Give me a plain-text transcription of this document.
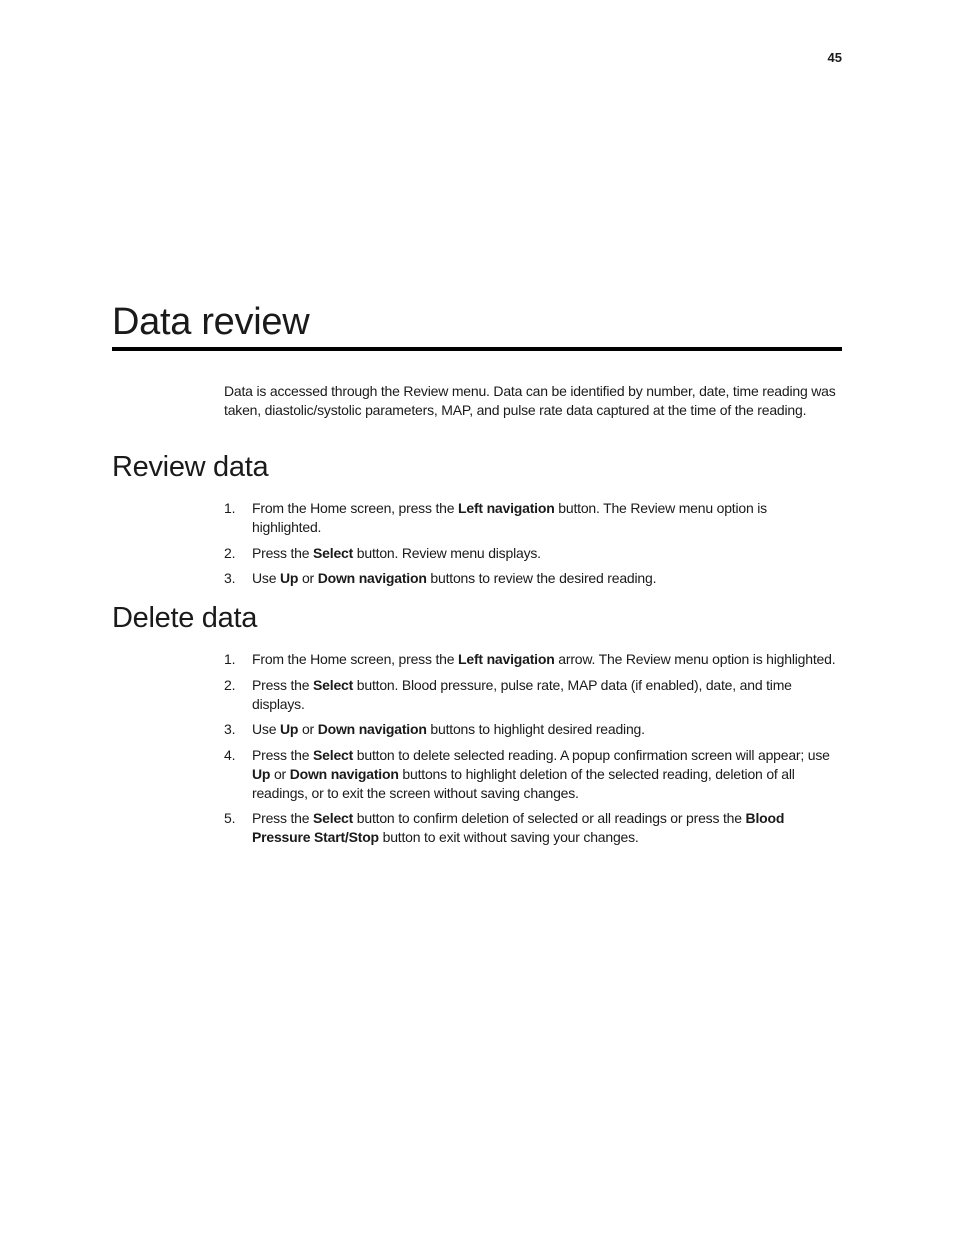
45
Data review

Data is accessed through the Review menu. Data can be identified by number, date, time reading was taken, diastolic/systolic parameters, MAP, and pulse rate data captured at the time of the reading.

Review data
1. From the Home screen, press the Left navigation button. The Review menu option is highlighted.
2. Press the Select button. Review menu displays.
3. Use Up or Down navigation buttons to review the desired reading.
Delete data
1. From the Home screen, press the Left navigation arrow. The Review menu option is highlighted.
2. Press the Select button. Blood pressure, pulse rate, MAP data (if enabled), date, and time displays.
3. Use Up or Down navigation buttons to highlight desired reading.
4. Press the Select button to delete selected reading. A popup confirmation screen will appear; use Up or Down navigation buttons to highlight deletion of the selected reading, deletion of all readings, or to exit the screen without saving changes.
5. Press the Select button to confirm deletion of selected or all readings or press the Blood Pressure Start/Stop button to exit without saving your changes.
